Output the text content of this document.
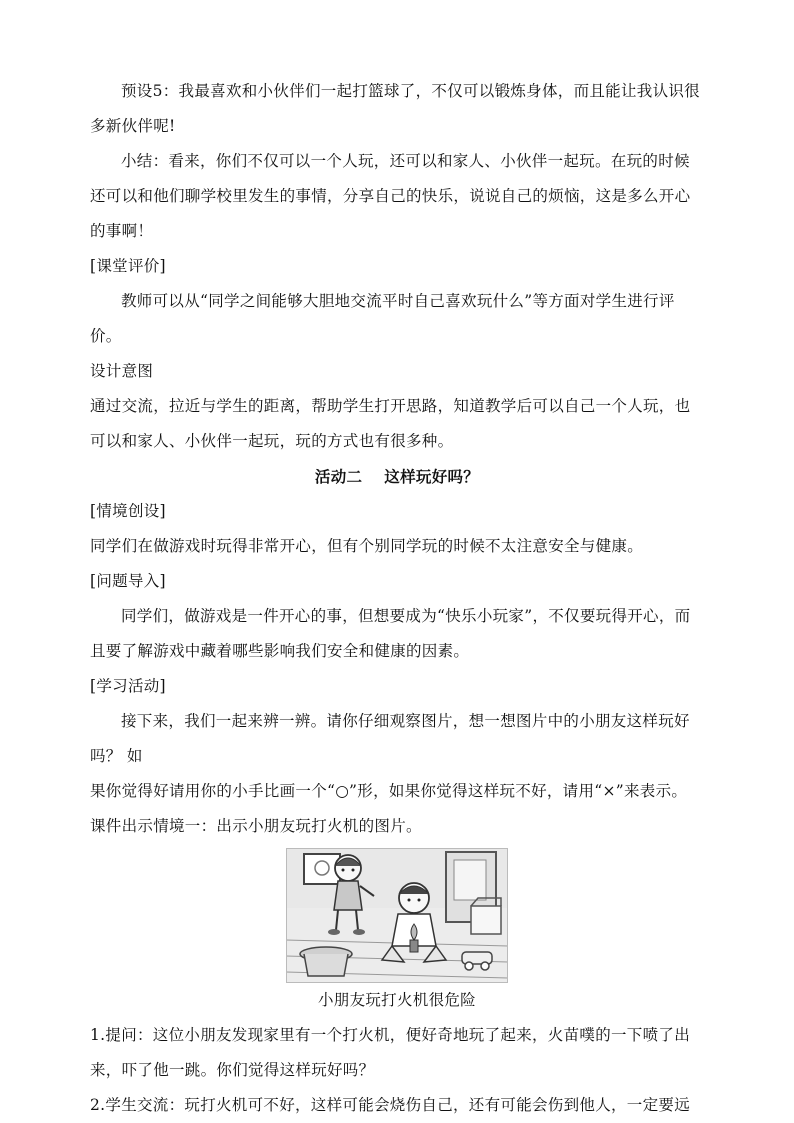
预设5：我最喜欢和小伙伴们一起打篮球了，不仅可以锻炼身体，而且能让我认识很多新伙伴呢!

小结：看来，你们不仅可以一个人玩，还可以和家人、小伙伴一起玩。在玩的时候还可以和他们聊学校里发生的事情，分享自己的快乐，说说自己的烦恼，这是多么开心的事啊！

[课堂评价]

教师可以从“同学之间能够大胆地交流平时自己喜欢玩什么”等方面对学生进行评价。

设计意图

通过交流，拉近与学生的距离，帮助学生打开思路，知道教学后可以自己一个人玩，也可以和家人、小伙伴一起玩，玩的方式也有很多种。

活动二 这样玩好吗？

[情境创设]

同学们在做游戏时玩得非常开心，但有个别同学玩的时候不太注意安全与健康。

[问题导入]

同学们，做游戏是一件开心的事，但想要成为“快乐小玩家”，不仅要玩得开心，而且要了解游戏中藏着哪些影响我们安全和健康的因素。

[学习活动]

接下来，我们一起来辨一辨。请你仔细观察图片，想一想图片中的小朋友这样玩好吗？ 如

果你觉得好请用你的小手比画一个“○”形，如果你觉得这样玩不好，请用“×”来表示。

课件出示情境一：出示小朋友玩打火机的图片。

小朋友玩打火机很危险

1.提问：这位小朋友发现家里有一个打火机，便好奇地玩了起来，火苗噗的一下喷了出来，吓了他一跳。你们觉得这样玩好吗？

2.学生交流：玩打火机可不好，这样可能会烧伤自己，还有可能会伤到他人，一定要远
